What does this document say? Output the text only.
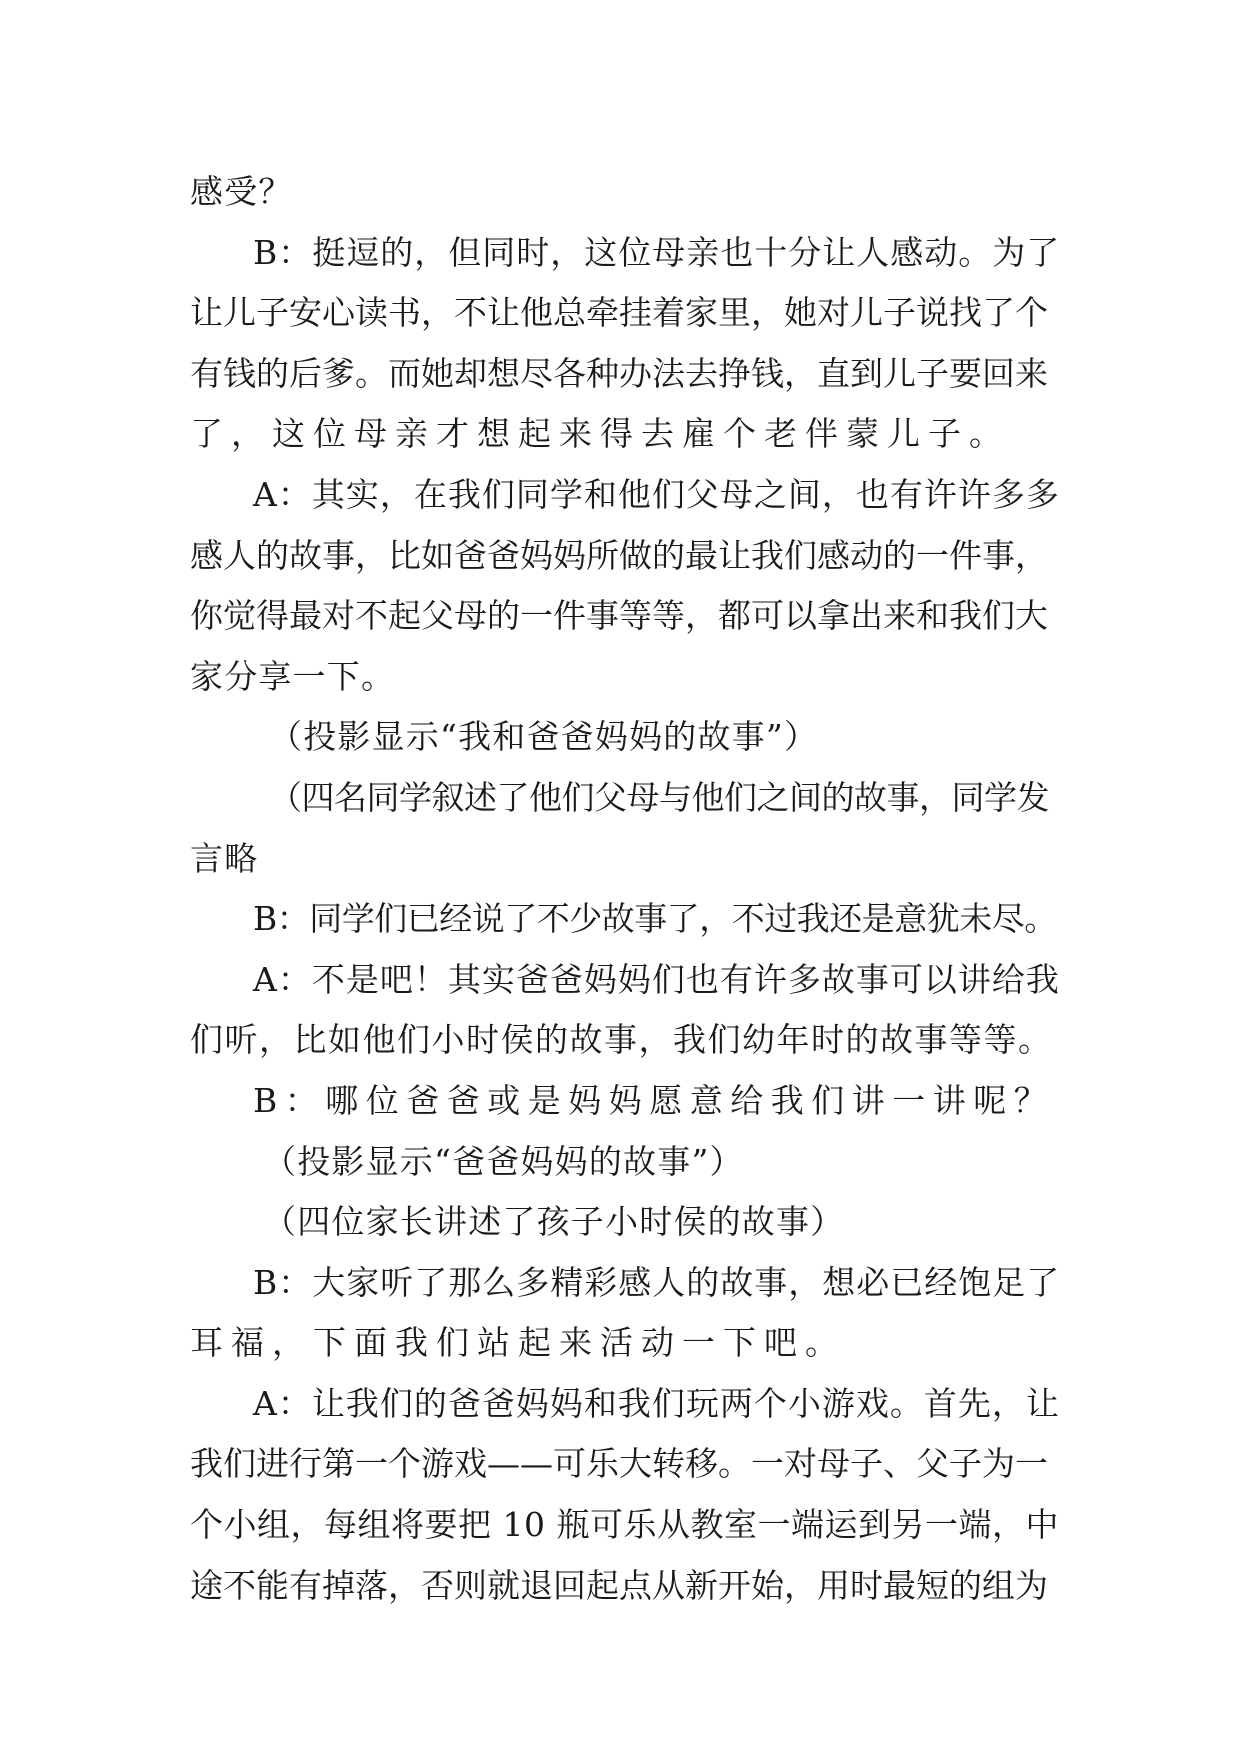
感受？
B：挺逗的，但同时，这位母亲也十分让人感动。为了
让儿子安心读书，不让他总牵挂着家里，她对儿子说找了个
有钱的后爹。而她却想尽各种办法去挣钱，直到儿子要回来
了，这位母亲才想起来得去雇个老伴蒙儿子。
A：其实，在我们同学和他们父母之间，也有许许多多
感人的故事，比如爸爸妈妈所做的最让我们感动的一件事，
你觉得最对不起父母的一件事等等，都可以拿出来和我们大
家分享一下。
（投影显示“我和爸爸妈妈的故事”）
（四名同学叙述了他们父母与他们之间的故事，同学发
言略
B：同学们已经说了不少故事了，不过我还是意犹未尽。
A：不是吧！其实爸爸妈妈们也有许多故事可以讲给我
们听，比如他们小时侯的故事，我们幼年时的故事等等。
B：哪位爸爸或是妈妈愿意给我们讲一讲呢？
（投影显示“爸爸妈妈的故事”）
（四位家长讲述了孩子小时侯的故事）
B：大家听了那么多精彩感人的故事，想必已经饱足了
耳福，下面我们站起来活动一下吧。
A：让我们的爸爸妈妈和我们玩两个小游戏。首先，让
我们进行第一个游戏——可乐大转移。一对母子、父子为一
个小组，每组将要把 10 瓶可乐从教室一端运到另一端，中
途不能有掉落，否则就退回起点从新开始，用时最短的组为
